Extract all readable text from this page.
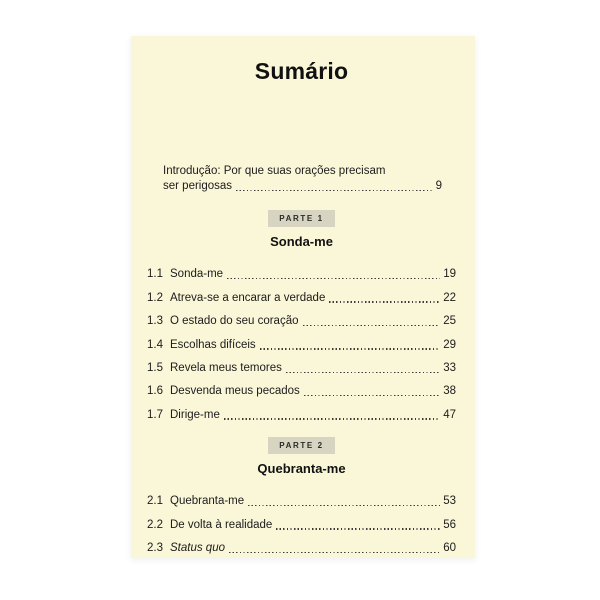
Sumário
Introdução: Por que suas orações precisam
ser perigosas	9
PARTE 1
Sonda-me
1.1 Sonda-me	19
1.2 Atreva-se a encarar a verdade	22
1.3 O estado do seu coração	25
1.4 Escolhas difíceis	29
1.5 Revela meus temores	33
1.6 Desvenda meus pecados	38
1.7 Dirige-me	47
PARTE 2
Quebranta-me
2.1 Quebranta-me	53
2.2 De volta à realidade	56
2.3 Status quo	60
